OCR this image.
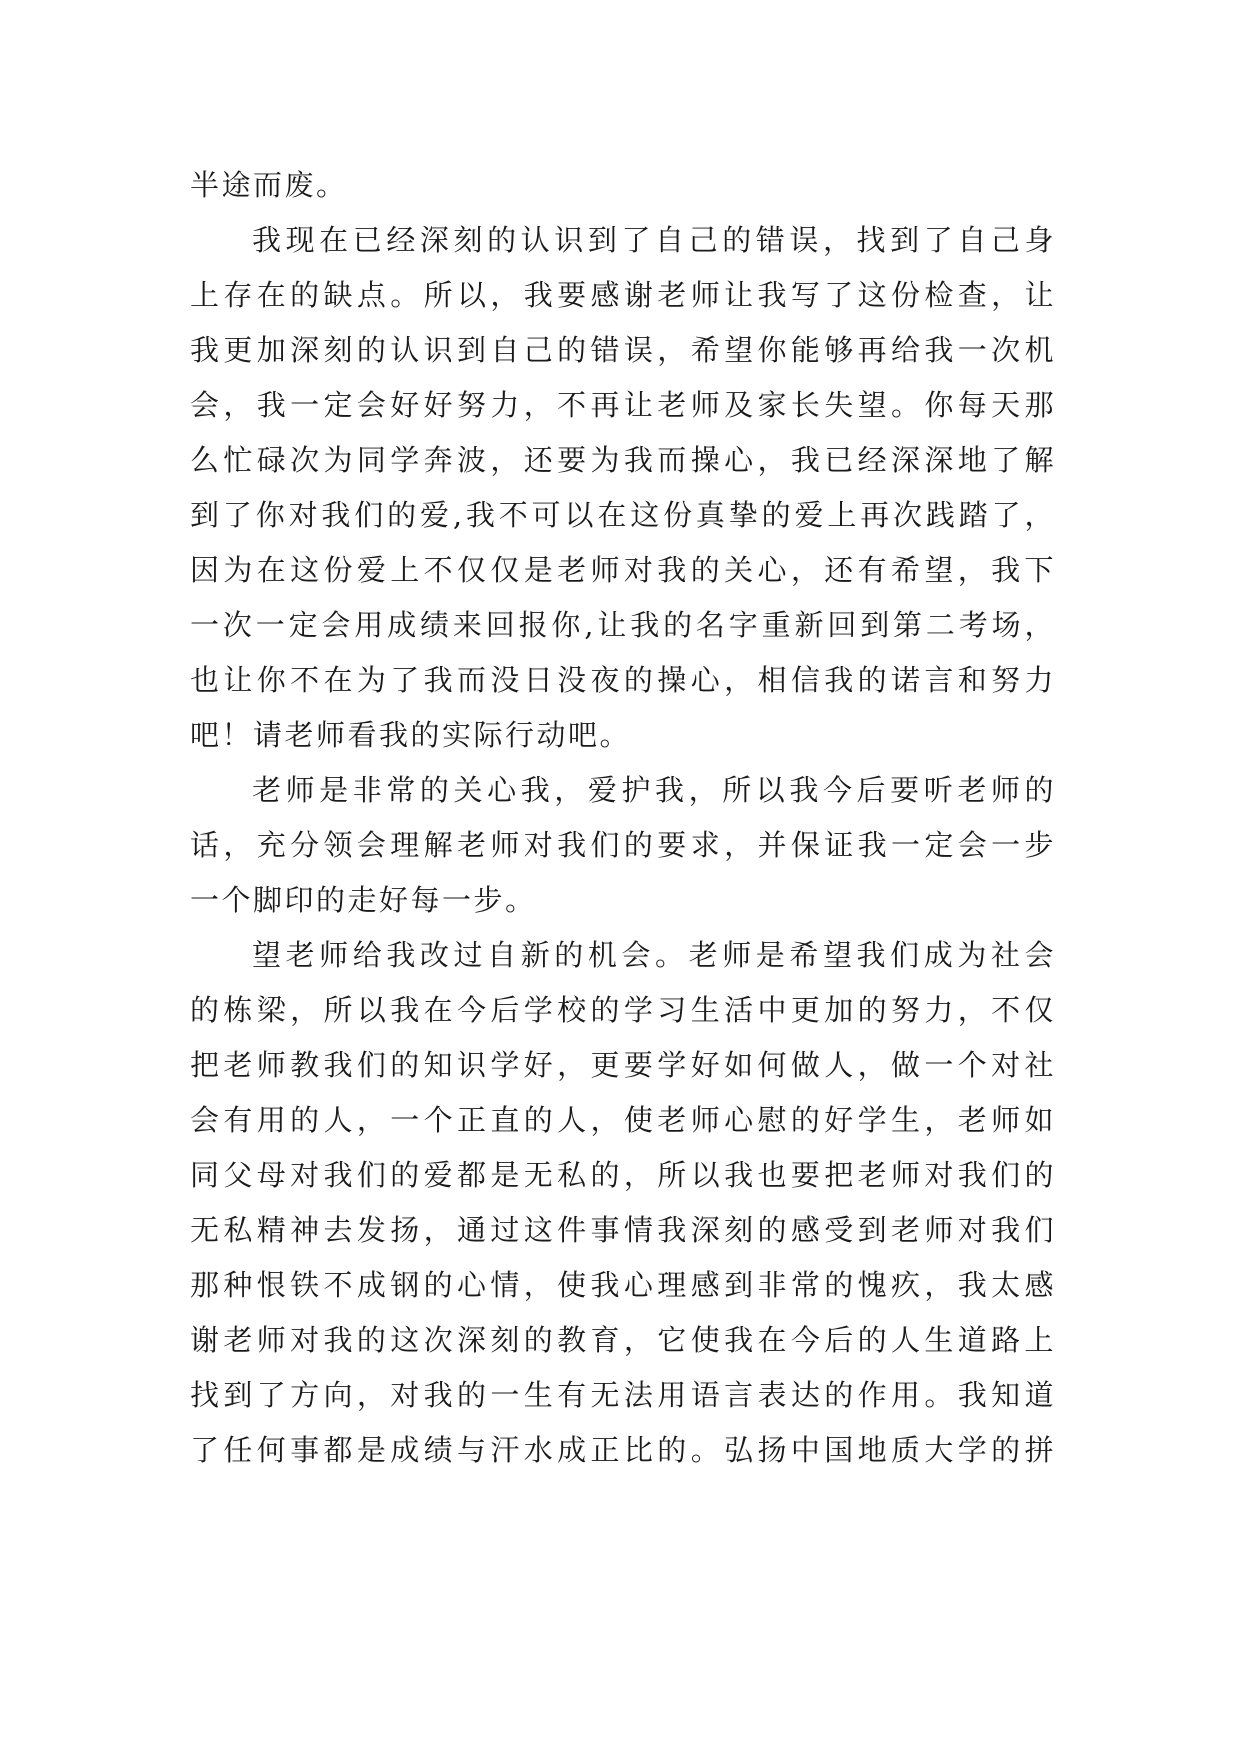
半途而废。
我现在已经深刻的认识到了自己的错误，找到了自己身
上存在的缺点。所以，我要感谢老师让我写了这份检查，让
我更加深刻的认识到自己的错误，希望你能够再给我一次机
会，我一定会好好努力，不再让老师及家长失望。你每天那
么忙碌次为同学奔波，还要为我而操心，我已经深深地了解
到了你对我们的爱,我不可以在这份真挚的爱上再次践踏了，
因为在这份爱上不仅仅是老师对我的关心，还有希望，我下
一次一定会用成绩来回报你,让我的名字重新回到第二考场，
也让你不在为了我而没日没夜的操心，相信我的诺言和努力
吧！请老师看我的实际行动吧。
老师是非常的关心我，爱护我，所以我今后要听老师的
话，充分领会理解老师对我们的要求，并保证我一定会一步
一个脚印的走好每一步。
望老师给我改过自新的机会。老师是希望我们成为社会
的栋梁，所以我在今后学校的学习生活中更加的努力，不仅
把老师教我们的知识学好，更要学好如何做人，做一个对社
会有用的人，一个正直的人，使老师心慰的好学生，老师如
同父母对我们的爱都是无私的，所以我也要把老师对我们的
无私精神去发扬，通过这件事情我深刻的感受到老师对我们
那种恨铁不成钢的心情，使我心理感到非常的愧疚，我太感
谢老师对我的这次深刻的教育，它使我在今后的人生道路上
找到了方向，对我的一生有无法用语言表达的作用。我知道
了任何事都是成绩与汗水成正比的。弘扬中国地质大学的拼
